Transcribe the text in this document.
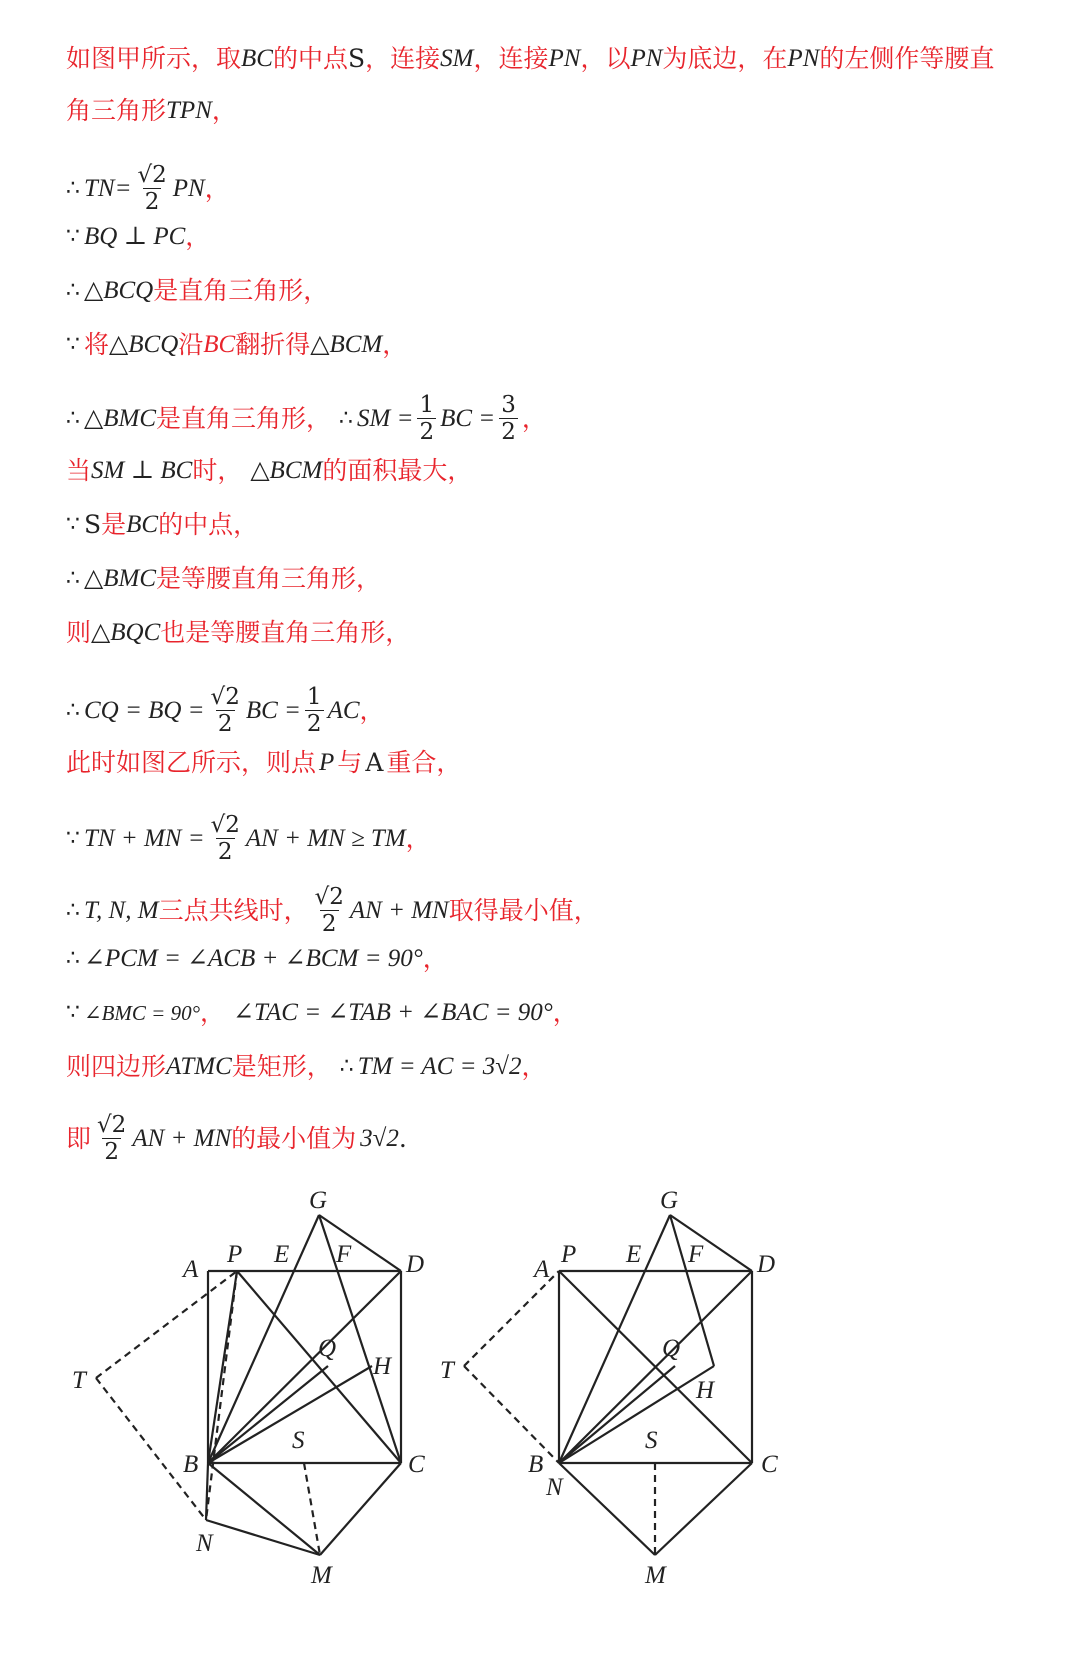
如图甲所示，取 BC 的中点 S ，连接 SM ，连接 PN ，以 PN 为底边，在 PN 的左侧作等腰直
角三角形 TPN ，
∴ TN = $\frac{√2}{2}$ PN ，
∵ BQ ⊥ PC ，
∴ △BCQ 是直角三角形，
∵ 将 △BCQ 沿 BC 翻折得 △BCM ，
∴ △BMC 是直角三角形， ∴ SM = $\frac{1}{2}$ BC = $\frac{3}{2}$ ，
当 SM ⊥ BC 时， △BCM 的面积最大，
∵ S 是 BC 的中点，
∴ △BMC 是等腰直角三角形，
则 △BQC 也是等腰直角三角形，
∴ CQ = BQ = $\frac{√2}{2}$ BC = $\frac{1}{2}$ AC ，
此时如图乙所示，则点 P 与 A 重合，
∵ TN + MN = $\frac{√2}{2}$ AN + MN ≥ TM ，
∴ T, N, M 三点共线时， $\frac{√2}{2}$ AN + MN 取得最小值，
∴ ∠PCM = ∠ACB + ∠BCM = 90° ，
∵ ∠BMC = 90° ， ∠TAC = ∠TAB + ∠BAC = 90° ，
则四边形 ATMC 是矩形， ∴ TM = AC = 3√2 ，
即 $\frac{√2}{2}$ AN + MN 的最小值为 3√2 .
G
A
P E F D
Q
H
T
S
B	C
N
M
G
A
P E F D
Q
H
T
S
B	C
N
M
